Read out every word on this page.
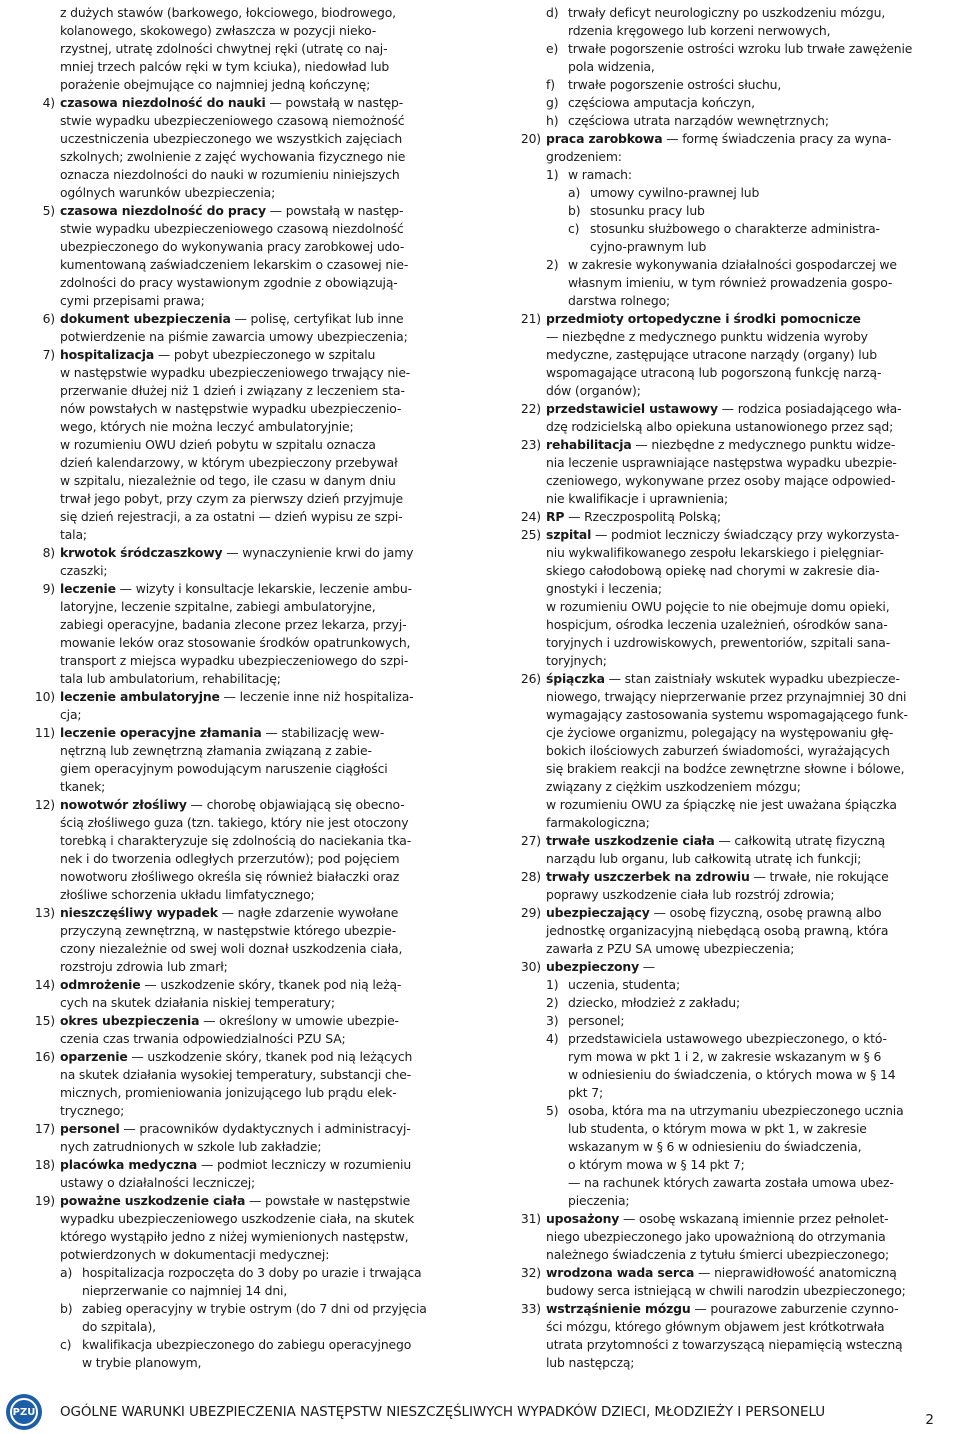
z dużych stawów (barkowego, łokciowego, biodrowego,
kolanowego, skokowego) zwłaszcza w pozycji nieko-
rzystnej, utratę zdolności chwytnej ręki (utratę co naj-
mniej trzech palców ręki w tym kciuka), niedowład lub
porażenie obejmujące co najmniej jedną kończynę;
4) czasowa niezdolność do nauki — powstałą w następ-
stwie wypadku ubezpieczeniowego czasową niemożność
uczestniczenia ubezpieczonego we wszystkich zajęciach
szkolnych; zwolnienie z zajęć wychowania fizycznego nie
oznacza niezdolności do nauki w rozumieniu niniejszych
ogólnych warunków ubezpieczenia;
5) czasowa niezdolność do pracy — powstałą w następ-
stwie wypadku ubezpieczeniowego czasową niezdolność
ubezpieczonego do wykonywania pracy zarobkowej udo-
kumentowaną zaświadczeniem lekarskim o czasowej nie-
zdolności do pracy wystawionym zgodnie z obowiązują-
cymi przepisami prawa;
6) dokument ubezpieczenia — polisę, certyfikat lub inne
potwierdzenie na piśmie zawarcia umowy ubezpieczenia;
7) hospitalizacja — pobyt ubezpieczonego w szpitalu
w następstwie wypadku ubezpieczeniowego trwający nie-
przerwanie dłużej niż 1 dzień i związany z leczeniem sta-
nów powstałych w następstwie wypadku ubezpieczenio-
wego, których nie można leczyć ambulatoryjnie;
w rozumieniu OWU dzień pobytu w szpitalu oznacza
dzień kalendarzowy, w którym ubezpieczony przebywał
w szpitalu, niezależnie od tego, ile czasu w danym dniu
trwał jego pobyt, przy czym za pierwszy dzień przyjmuje
się dzień rejestracji, a za ostatni — dzień wypisu ze szpi-
tala;
8) krwotok śródczaszkowy — wynaczynienie krwi do jamy
czaszki;
9) leczenie — wizyty i konsultacje lekarskie, leczenie ambu-
latoryjne, leczenie szpitalne, zabiegi ambulatoryjne,
zabiegi operacyjne, badania zlecone przez lekarza, przyj-
mowanie leków oraz stosowanie środków opatrunkowych,
transport z miejsca wypadku ubezpieczeniowego do szpi-
tala lub ambulatorium, rehabilitację;
10) leczenie ambulatoryjne — leczenie inne niż hospitaliza-
cja;
11) leczenie operacyjne złamania — stabilizację wew-
nętrzną lub zewnętrzną złamania związaną z zabie-
giem operacyjnym powodującym naruszenie ciągłości
tkanek;
12) nowotwór złośliwy — chorobę objawiającą się obecno-
ścią złośliwego guza (tzn. takiego, który nie jest otoczony
torebką i charakteryzuje się zdolnością do naciekania tka-
nek i do tworzenia odległych przerzutów); pod pojęciem
nowotworu złośliwego określa się również białaczki oraz
złośliwe schorzenia układu limfatycznego;
13) nieszczęśliwy wypadek — nagłe zdarzenie wywołane
przyczyną zewnętrzną, w następstwie którego ubezpie-
czony niezależnie od swej woli doznał uszkodzenia ciała,
rozstroju zdrowia lub zmarł;
14) odmrożenie — uszkodzenie skóry, tkanek pod nią leżą-
cych na skutek działania niskiej temperatury;
15) okres ubezpieczenia — określony w umowie ubezpie-
czenia czas trwania odpowiedzialności PZU SA;
16) oparzenie — uszkodzenie skóry, tkanek pod nią leżących
na skutek działania wysokiej temperatury, substancji che-
micznych, promieniowania jonizującego lub prądu elek-
trycznego;
17) personel — pracowników dydaktycznych i administracyj-
nych zatrudnionych w szkole lub zakładzie;
18) placówka medyczna — podmiot leczniczy w rozumieniu
ustawy o działalności leczniczej;
19) poważne uszkodzenie ciała — powstałe w następstwie
wypadku ubezpieczeniowego uszkodzenie ciała, na skutek
którego wystąpiło jedno z niżej wymienionych następstw,
potwierdzonych w dokumentacji medycznej:
a) hospitalizacja rozpoczęta do 3 doby po urazie i trwająca
nieprzerwanie co najmniej 14 dni,
b) zabieg operacyjny w trybie ostrym (do 7 dni od przyjęcia
do szpitala),
c) kwalifikacja ubezpieczonego do zabiegu operacyjnego
w trybie planowym,
d) trwały deficyt neurologiczny po uszkodzeniu mózgu,
rdzenia kręgowego lub korzeni nerwowych,
e) trwałe pogorszenie ostrości wzroku lub trwałe zawężenie
pola widzenia,
f)	trwałe pogorszenie ostrości słuchu,
g) częściowa amputacja kończyn,
h) częściowa utrata narządów wewnętrznych;
20) praca zarobkowa — formę świadczenia pracy za wyna-
grodzeniem:
1) w ramach:
a) umowy cywilno-prawnej lub
b) stosunku pracy lub
c) stosunku służbowego o charakterze administra-
cyjno-prawnym lub
2) w zakresie wykonywania działalności gospodarczej we
własnym imieniu, w tym również prowadzenia gospo-
darstwa rolnego;
21) przedmioty ortopedyczne i środki pomocnicze
— niezbędne z medycznego punktu widzenia wyroby
medyczne, zastępujące utracone narządy (organy) lub
wspomagające utraconą lub pogorszoną funkcję narzą-
dów (organów);
22) przedstawiciel ustawowy — rodzica posiadającego wła-
dzę rodzicielską albo opiekuna ustanowionego przez sąd;
23) rehabilitacja — niezbędne z medycznego punktu widze-
nia leczenie usprawniające następstwa wypadku ubezpie-
czeniowego, wykonywane przez osoby mające odpowied-
nie kwalifikacje i uprawnienia;
24) RP — Rzeczpospolitą Polską;
25) szpital — podmiot leczniczy świadczący przy wykorzysta-
niu wykwalifikowanego zespołu lekarskiego i pielęgniar-
skiego całodobową opiekę nad chorymi w zakresie dia-
gnostyki i leczenia;
w rozumieniu OWU pojęcie to nie obejmuje domu opieki,
hospicjum, ośrodka leczenia uzależnień, ośrodków sana-
toryjnych i uzdrowiskowych, prewentoriów, szpitali sana-
toryjnych;
26) śpiączka — stan zaistniały wskutek wypadku ubezpiecze-
niowego, trwający nieprzerwanie przez przynajmniej 30 dni
wymagający zastosowania systemu wspomagającego funk-
cje życiowe organizmu, polegający na występowaniu głę-
bokich ilościowych zaburzeń świadomości, wyrażających
się brakiem reakcji na bodźce zewnętrzne słowne i bólowe,
związany z ciężkim uszkodzeniem mózgu;
w rozumieniu OWU za śpiączkę nie jest uważana śpiączka
farmakologiczna;
27) trwałe uszkodzenie ciała — całkowitą utratę fizyczną
narządu lub organu, lub całkowitą utratę ich funkcji;
28) trwały uszczerbek na zdrowiu — trwałe, nie rokujące
poprawy uszkodzenie ciała lub rozstrój zdrowia;
29) ubezpieczający — osobę fizyczną, osobę prawną albo
jednostkę organizacyjną niebędącą osobą prawną, która
zawarła z PZU SA umowę ubezpieczenia;
30) ubezpieczony —
1) uczenia, studenta;
2) dziecko, młodzież z zakładu;
3) personel;
4) przedstawiciela ustawowego ubezpieczonego, o któ-
rym mowa w pkt 1 i 2, w zakresie wskazanym w § 6
w odniesieniu do świadczenia, o których mowa w § 14
pkt 7;
5) osoba, która ma na utrzymaniu ubezpieczonego ucznia
lub studenta, o którym mowa w pkt 1, w zakresie
wskazanym w § 6 w odniesieniu do świadczenia,
o którym mowa w § 14 pkt 7;
— na rachunek których zawarta została umowa ubez-
pieczenia;
31) uposażony — osobę wskazaną imiennie przez pełnolet-
niego ubezpieczonego jako upoważnioną do otrzymania
należnego świadczenia z tytułu śmierci ubezpieczonego;
32) wrodzona wada serca — nieprawidłowość anatomiczną
budowy serca istniejącą w chwili narodzin ubezpieczonego;
33) wstrząśnienie mózgu — pourazowe zaburzenie czynno-
ści mózgu, którego głównym objawem jest krótkotrwała
utrata przytomności z towarzyszącą niepamięcią wsteczną
lub następczą;
PZU OGÓLNE WARUNKI UBEZPIECZENIA NASTĘPSTW NIESZCZĘŚLIWYCH WYPADKÓW DZIECI, MŁODZIEŻY I PERSONELU	2
